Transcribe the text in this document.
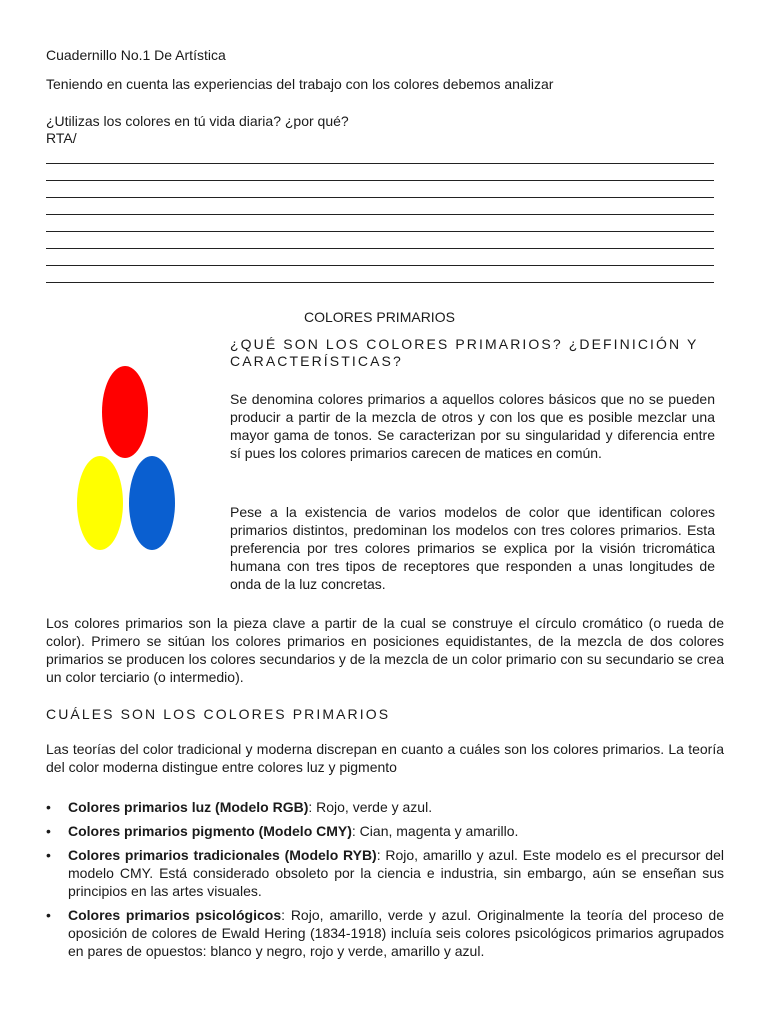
Cuadernillo No.1 De Artística
Teniendo en cuenta las experiencias del trabajo con los colores debemos analizar
¿Utilizas los colores en tú vida diaria? ¿por qué?
RTA/
COLORES PRIMARIOS
¿QUÉ SON LOS COLORES PRIMARIOS? ¿DEFINICIÓN Y CARACTERÍSTICAS?
Se denomina colores primarios a aquellos colores básicos que no se pueden producir a partir de la mezcla de otros y con los que es posible mezclar una mayor gama de tonos. Se caracterizan por su singularidad y diferencia entre sí pues los colores primarios carecen de matices en común.
Pese a la existencia de varios modelos de color que identifican colores primarios distintos, predominan los modelos con tres colores primarios. Esta preferencia por tres colores primarios se explica por la visión tricromática humana con tres tipos de receptores que responden a unas longitudes de onda de la luz concretas.
Los colores primarios son la pieza clave a partir de la cual se construye el círculo cromático (o rueda de color). Primero se sitúan los colores primarios en posiciones equidistantes, de la mezcla de dos colores primarios se producen los colores secundarios y de la mezcla de un color primario con su secundario se crea un color terciario (o intermedio).
CUÁLES SON LOS COLORES PRIMARIOS
Las teorías del color tradicional y moderna discrepan en cuanto a cuáles son los colores primarios. La teoría del color moderna distingue entre colores luz y pigmento
• Colores primarios luz (Modelo RGB): Rojo, verde y azul.
• Colores primarios pigmento (Modelo CMY): Cian, magenta y amarillo.
• Colores primarios tradicionales (Modelo RYB): Rojo, amarillo y azul. Este modelo es el precursor del modelo CMY. Está considerado obsoleto por la ciencia e industria, sin embargo, aún se enseñan sus principios en las artes visuales.
• Colores primarios psicológicos: Rojo, amarillo, verde y azul. Originalmente la teoría del proceso de oposición de colores de Ewald Hering (1834-1918) incluía seis colores psicológicos primarios agrupados en pares de opuestos: blanco y negro, rojo y verde, amarillo y azul.
